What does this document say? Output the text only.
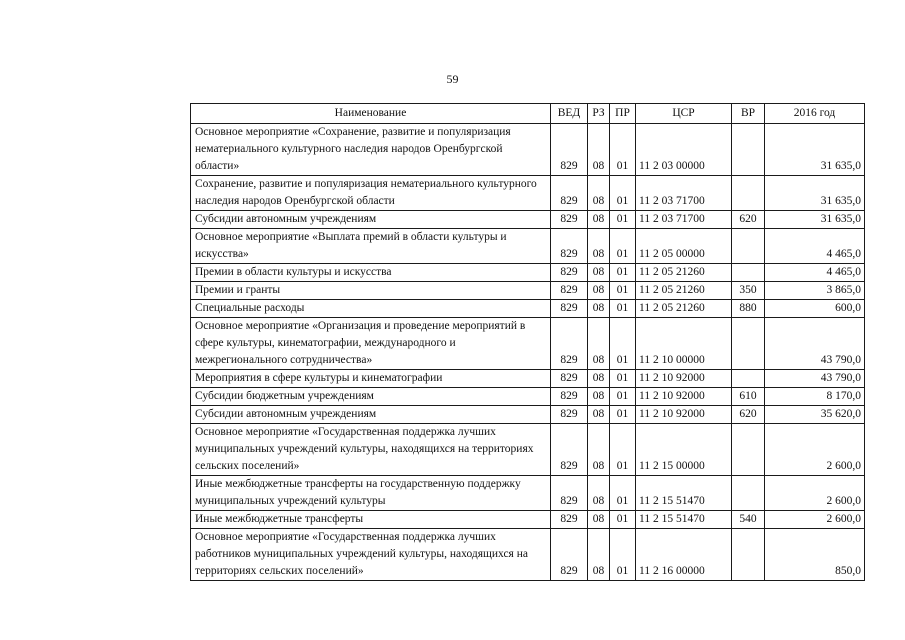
59
Наименование	ВЕД	РЗ	ПР	ЦСР	ВР	2016 год
Основное мероприятие «Сохранение, развитие и популяризация нематериального культурного наследия народов Оренбургской области»	829	08	01	11 2 03 00000		31 635,0
Сохранение, развитие и популяризация нематериального культурного наследия народов Оренбургской области	829	08	01	11 2 03 71700		31 635,0
Субсидии автономным учреждениям	829	08	01	11 2 03 71700	620	31 635,0
Основное мероприятие «Выплата премий в области культуры и искусства»	829	08	01	11 2 05 00000		4 465,0
Премии в области культуры и искусства	829	08	01	11 2 05 21260		4 465,0
Премии и гранты	829	08	01	11 2 05 21260	350	3 865,0
Специальные расходы	829	08	01	11 2 05 21260	880	600,0
Основное мероприятие «Организация и проведение мероприятий в сфере культуры, кинематографии, международного и межрегионального сотрудничества»	829	08	01	11 2 10 00000		43 790,0
Мероприятия в сфере культуры и кинематографии	829	08	01	11 2 10 92000		43 790,0
Субсидии бюджетным учреждениям	829	08	01	11 2 10 92000	610	8 170,0
Субсидии автономным учреждениям	829	08	01	11 2 10 92000	620	35 620,0
Основное мероприятие «Государственная поддержка лучших муниципальных учреждений культуры, находящихся на территориях сельских поселений»	829	08	01	11 2 15 00000		2 600,0
Иные межбюджетные трансферты на государственную поддержку муниципальных учреждений культуры	829	08	01	11 2 15 51470		2 600,0
Иные межбюджетные трансферты	829	08	01	11 2 15 51470	540	2 600,0
Основное мероприятие «Государственная поддержка лучших работников муниципальных учреждений культуры, находящихся на территориях сельских поселений»	829	08	01	11 2 16 00000		850,0
